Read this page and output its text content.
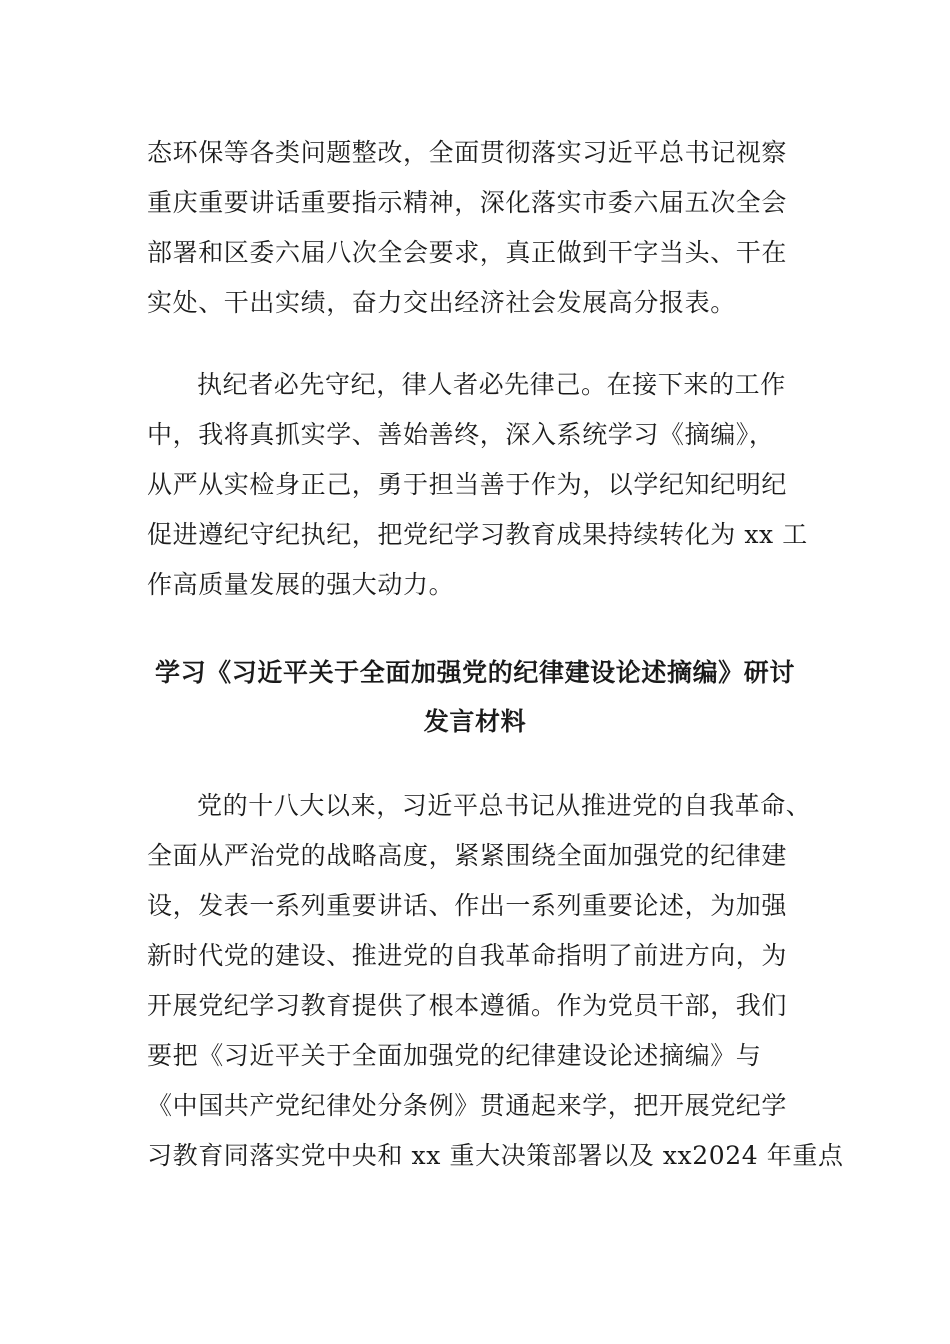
态环保等各类问题整改，全面贯彻落实习近平总书记视察
重庆重要讲话重要指示精神，深化落实市委六届五次全会
部署和区委六届八次全会要求，真正做到干字当头、干在
实处、干出实绩，奋力交出经济社会发展高分报表。
执纪者必先守纪，律人者必先律己。在接下来的工作
中，我将真抓实学、善始善终，深入系统学习《摘编》，
从严从实检身正己，勇于担当善于作为，以学纪知纪明纪
促进遵纪守纪执纪，把党纪学习教育成果持续转化为 xx 工
作高质量发展的强大动力。
学习《习近平关于全面加强党的纪律建设论述摘编》研讨
发言材料
党的十八大以来，习近平总书记从推进党的自我革命、
全面从严治党的战略高度，紧紧围绕全面加强党的纪律建
设，发表一系列重要讲话、作出一系列重要论述，为加强
新时代党的建设、推进党的自我革命指明了前进方向，为
开展党纪学习教育提供了根本遵循。作为党员干部，我们
要把《习近平关于全面加强党的纪律建设论述摘编》与
《中国共产党纪律处分条例》贯通起来学，把开展党纪学
习教育同落实党中央和 xx 重大决策部署以及 xx2024 年重点
